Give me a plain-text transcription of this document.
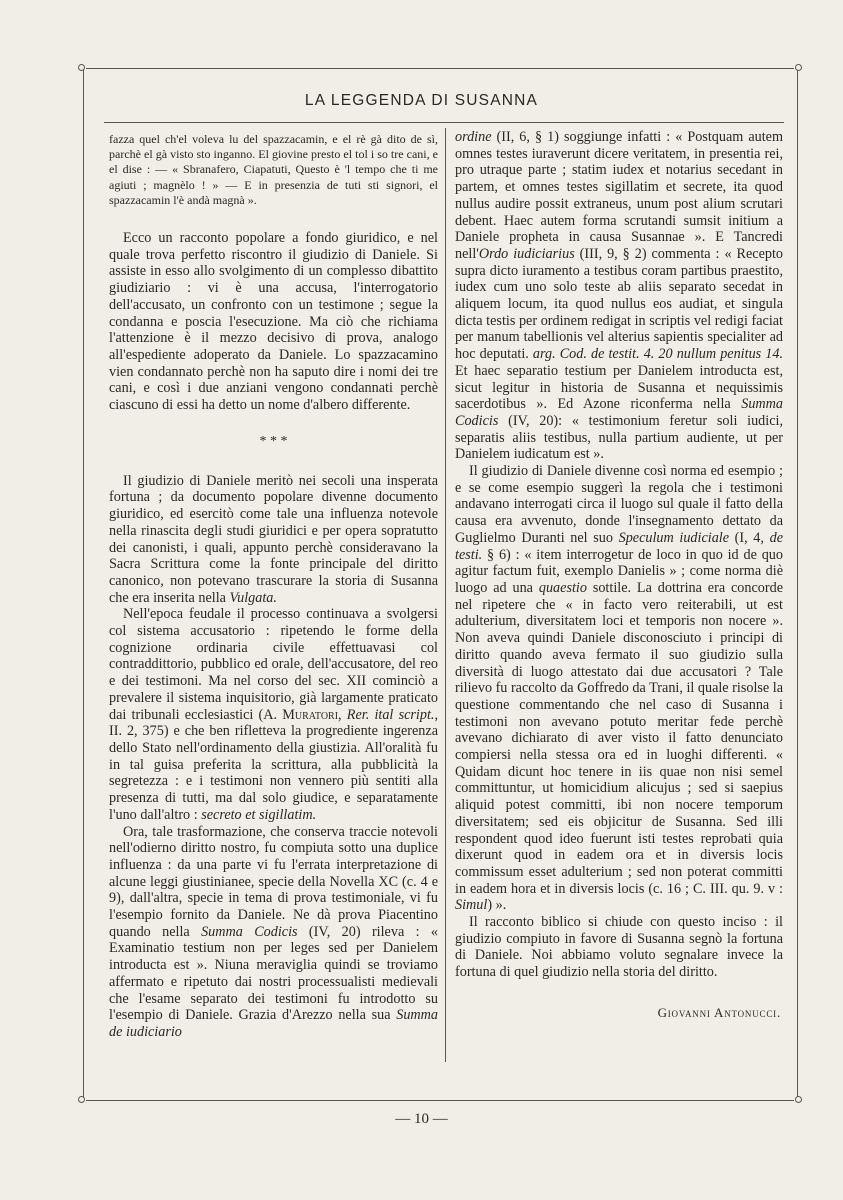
LA LEGGENDA DI SUSANNA

fazza quel ch'el voleva lu del spazzacamin, e el rè gà dito de sì, parchè el gà visto sto inganno. El giovine presto el tol i so tre cani, e el dise : — « Sbranafero, Ciapatuti, Questo è 'l tempo che ti me agiuti ; magnèlo ! » — E in presenzia de tuti sti signori, el spazzacamin l'è andà magnà ».

Ecco un racconto popolare a fondo giuridico, e nel quale trova perfetto riscontro il giudizio di Daniele. Si assiste in esso allo svolgimento di un complesso dibattito giudiziario : vi è una accusa, l'interrogatorio dell'accusato, un confronto con un testimone ; segue la condanna e poscia l'esecuzione. Ma ciò che richiama l'attenzione è il mezzo decisivo di prova, analogo all'espediente adoperato da Daniele. Lo spazzacamino vien condannato perchè non ha saputo dire i nomi dei tre cani, e così i due anziani vengono condannati perchè ciascuno di essi ha detto un nome d'albero differente.

* * *

Il giudizio di Daniele meritò nei secoli una insperata fortuna ; da documento popolare divenne documento giuridico, ed esercitò come tale una influenza notevole nella rinascita degli studi giuridici e per opera sopratutto dei canonisti, i quali, appunto perchè consideravano la Sacra Scrittura come la fonte principale del diritto canonico, non potevano trascurare la storia di Susanna che era inserita nella Vulgata.

Nell'epoca feudale il processo continuava a svolgersi col sistema accusatorio : ripetendo le forme della cognizione ordinaria civile effettuavasi col contraddittorio, pubblico ed orale, dell'accusatore, del reo e dei testimoni. Ma nel corso del sec. XII cominciò a prevalere il sistema inquisitorio, già largamente praticato dai tribunali ecclesiastici (A. Muratori, Rer. ital script., II. 2, 375) e che ben rifletteva la progrediente ingerenza dello Stato nell'ordinamento della giustizia. All'oralità fu in tal guisa preferita la scrittura, alla pubblicità la segretezza : e i testimoni non vennero più sentiti alla presenza di tutti, ma dal solo giudice, e separatamente l'uno dall'altro : secreto et sigillatim.

Ora, tale trasformazione, che conserva traccie notevoli nell'odierno diritto nostro, fu compiuta sotto una duplice influenza : da una parte vi fu l'errata interpretazione di alcune leggi giustinianee, specie della Novella XC (c. 4 e 9), dall'altra, specie in tema di prova testimoniale, vi fu l'esempio fornito da Daniele. Ne dà prova Piacentino quando nella Summa Codicis (IV, 20) rileva : « Examinatio testium non per leges sed per Danielem introducta est ». Niuna meraviglia quindi se troviamo affermato e ripetuto dai nostri processualisti medievali che l'esame separato dei testimoni fu introdotto su l'esempio di Daniele. Grazia d'Arezzo nella sua Summa de iudiciario

ordine (II, 6, § 1) soggiunge infatti : « Postquam autem omnes testes iuraverunt dicere veritatem, in presentia rei, pro utraque parte ; statim iudex et notarius secedant in partem, et omnes testes sigillatim et secrete, ita quod nullus audire possit extraneus, unum post alium scrutari debent. Haec autem forma scrutandi sumsit initium a Daniele propheta in causa Susannae ». E Tancredi nell'Ordo iudiciarius (III, 9, § 2) commenta : « Recepto supra dicto iuramento a testibus coram partibus praestito, iudex cum uno solo teste ab aliis separato secedat in aliquem locum, ita quod nullus eos audiat, et singula dicta testis per ordinem redigat in scriptis vel redigi faciat per manum tabellionis vel alterius sapientis specialiter ad hoc deputati. arg. Cod. de testit. 4. 20 nullum penitus 14. Et haec separatio testium per Danielem introducta est, sicut legitur in historia de Susanna et nequissimis sacerdotibus ». Ed Azone riconferma nella Summa Codicis (IV, 20): « testimonium feretur soli iudici, separatis aliis testibus, nulla partium audiente, ut per Danielem iudicatum est ».

Il giudizio di Daniele divenne così norma ed esempio ; e se come esempio suggerì la regola che i testimoni andavano interrogati circa il luogo sul quale il fatto della causa era avvenuto, donde l'insegnamento dettato da Guglielmo Duranti nel suo Speculum iudiciale (I, 4, de testi. § 6) : « item interrogetur de loco in quo id de quo agitur factum fuit, exemplo Danielis » ; come norma diè luogo ad una quaestio sottile. La dottrina era concorde nel ripetere che « in facto vero reiterabili, ut est adulterium, diversitatem loci et temporis non nocere ». Non aveva quindi Daniele disconosciuto i principi di diritto quando aveva fermato il suo giudizio sulla diversità di luogo attestato dai due accusatori ? Tale rilievo fu raccolto da Goffredo da Trani, il quale risolse la questione commentando che nel caso di Susanna i testimoni non avevano potuto meritar fede perchè avevano dichiarato di aver visto il fatto denunciato compiersi nella stessa ora ed in luoghi differenti. « Quidam dicunt hoc tenere in iis quae non nisi semel committuntur, ut homicidium alicujus ; sed si saepius aliquid potest committi, ibi non nocere temporum diversitatem; sed eis objicitur de Susanna. Sed illi respondent quod ideo fuerunt isti testes reprobati quia dixerunt quod in eadem ora et in diversis locis commissum esset adulterium ; sed non poterat committi in eadem hora et in diversis locis (c. 16 ; C. III. qu. 9. v : Simul) ».

Il racconto biblico si chiude con questo inciso : il giudizio compiuto in favore di Susanna segnò la fortuna di Daniele. Noi abbiamo voluto segnalare invece la fortuna di quel giudizio nella storia del diritto.

Giovanni Antonucci.
— 10 —
